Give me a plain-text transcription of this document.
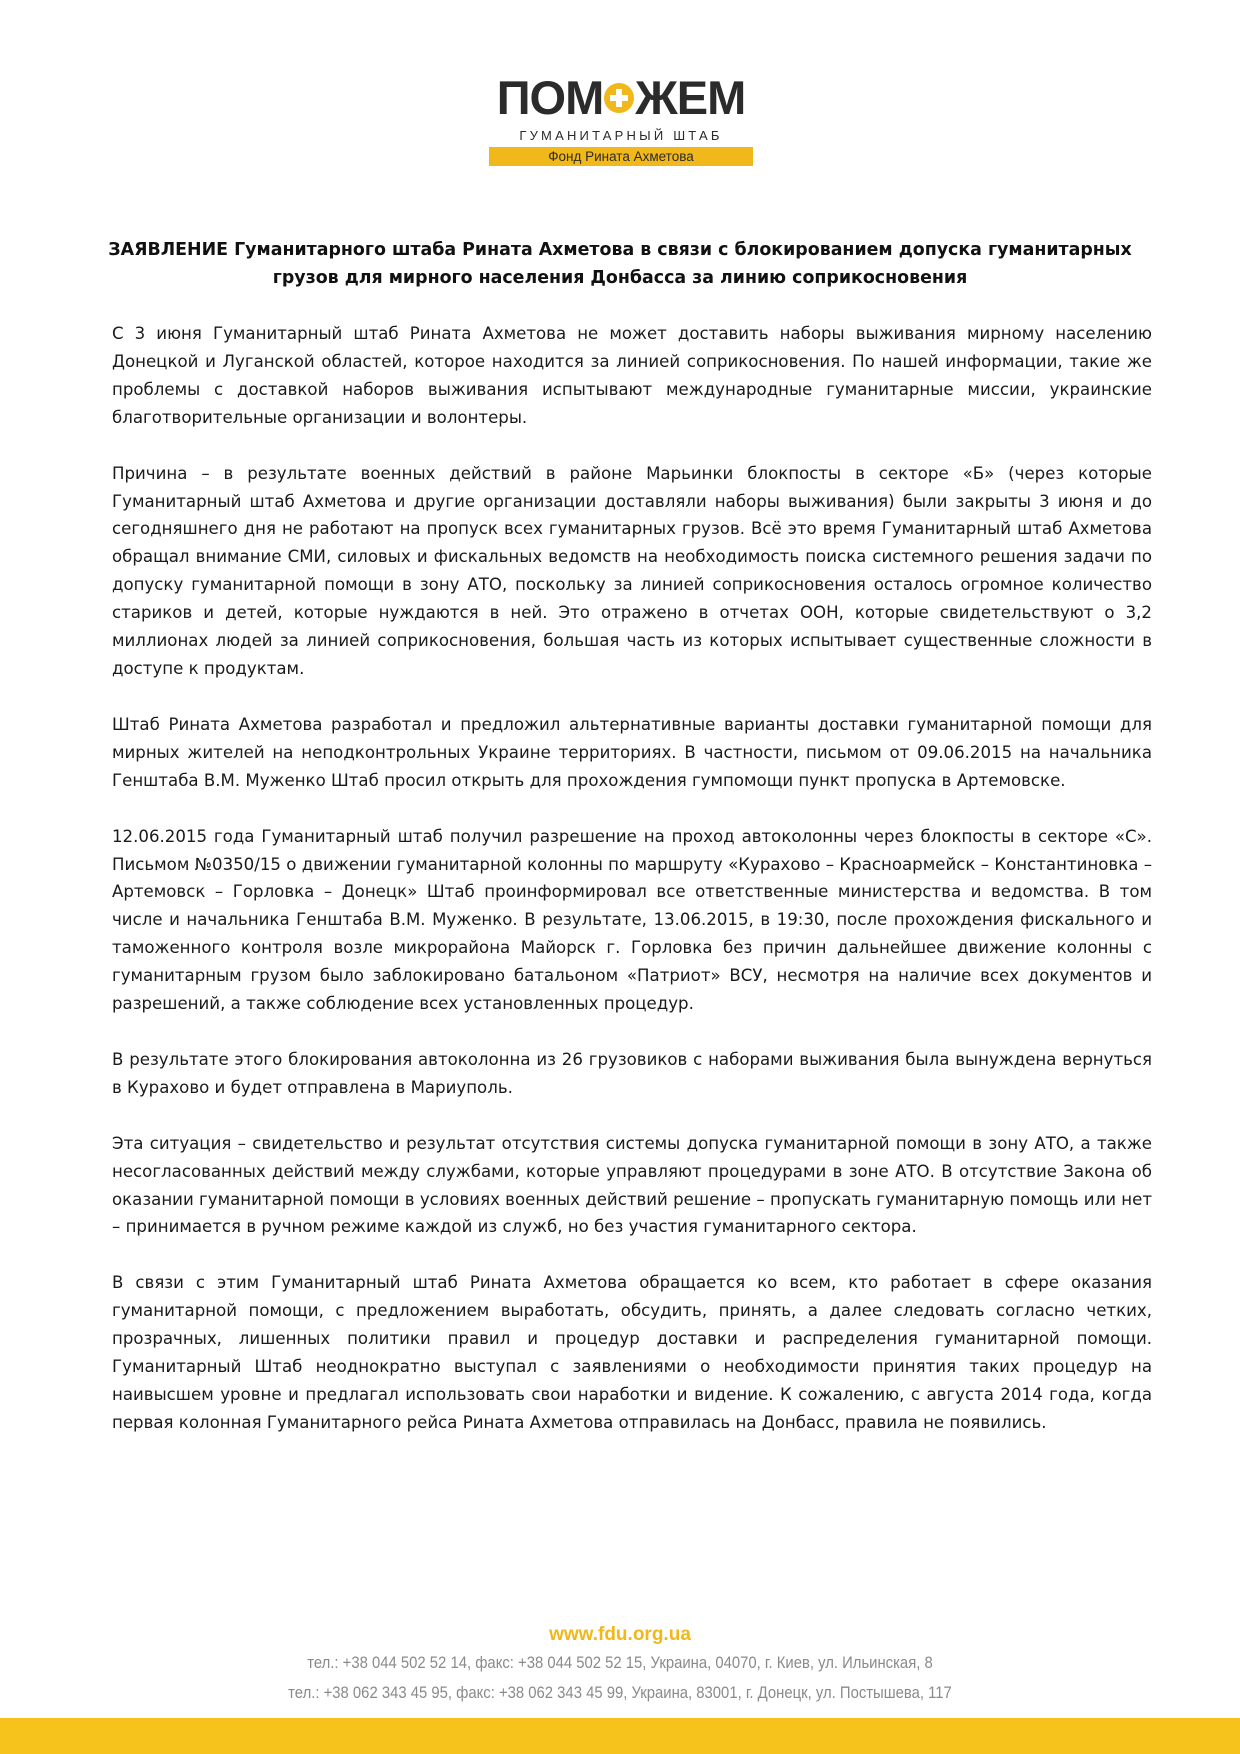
ПОМ ЖЕМ
ГУМАНИТАРНЫЙ ШТАБ
Фонд Рината Ахметова
ЗАЯВЛЕНИЕ Гуманитарного штаба Рината Ахметова в связи с блокированием допуска гуманитарных
грузов для мирного населения Донбасса за линию соприкосновения

С 3 июня Гуманитарный штаб Рината Ахметова не может доставить наборы выживания мирному населению Донецкой и Луганской областей, которое находится за линией соприкосновения. По нашей информации, такие же проблемы с доставкой наборов выживания испытывают международные гуманитарные миссии, украинские благотворительные организации и волонтеры.

Причина – в результате военных действий в районе Марьинки блокпосты в секторе «Б» (через которые Гуманитарный штаб Ахметова и другие организации доставляли наборы выживания) были закрыты 3 июня и до сегодняшнего дня не работают на пропуск всех гуманитарных грузов. Всё это время Гуманитарный штаб Ахметова обращал внимание СМИ, силовых и фискальных ведомств на необходимость поиска системного решения задачи по допуску гуманитарной помощи в зону АТО, поскольку за линией соприкосновения осталось огромное количество стариков и детей, которые нуждаются в ней. Это отражено в отчетах ООН, которые свидетельствуют о 3,2 миллионах людей за линией соприкосновения, большая часть из которых испытывает существенные сложности в доступе к продуктам.

Штаб Рината Ахметова разработал и предложил альтернативные варианты доставки гуманитарной помощи для мирных жителей на неподконтрольных Украине территориях. В частности, письмом от 09.06.2015 на начальника Генштаба В.М. Муженко Штаб просил открыть для прохождения гумпомощи пункт пропуска в Артемовске.

12.06.2015 года Гуманитарный штаб получил разрешение на проход автоколонны через блокпосты в секторе «С». Письмом №0350/15 о движении гуманитарной колонны по маршруту «Курахово – Красноармейск – Константиновка – Артемовск – Горловка – Донецк» Штаб проинформировал все ответственные министерства и ведомства. В том числе и начальника Генштаба В.М. Муженко. В результате, 13.06.2015, в 19:30, после прохождения фискального и таможенного контроля возле микрорайона Майорск г. Горловка без причин дальнейшее движение колонны с гуманитарным грузом было заблокировано батальоном «Патриот» ВСУ, несмотря на наличие всех документов и разрешений, а также соблюдение всех установленных процедур.

В результате этого блокирования автоколонна из 26 грузовиков с наборами выживания была вынуждена вернуться в Курахово и будет отправлена в Мариуполь.

Эта ситуация – свидетельство и результат отсутствия системы допуска гуманитарной помощи в зону АТО, а также несогласованных действий между службами, которые управляют процедурами в зоне АТО. В отсутствие Закона об оказании гуманитарной помощи в условиях военных действий решение – пропускать гуманитарную помощь или нет – принимается в ручном режиме каждой из служб, но без участия гуманитарного сектора.

В связи с этим Гуманитарный штаб Рината Ахметова обращается ко всем, кто работает в сфере оказания гуманитарной помощи, с предложением выработать, обсудить, принять, а далее следовать согласно четких, прозрачных, лишенных политики правил и процедур доставки и распределения гуманитарной помощи. Гуманитарный Штаб неоднократно выступал с заявлениями о необходимости принятия таких процедур на наивысшем уровне и предлагал использовать свои наработки и видение. К сожалению, с августа 2014 года, когда первая колонная Гуманитарного рейса Рината Ахметова отправилась на Донбасс, правила не появились.

www.fdu.org.ua
тел.: +38 044 502 52 14, факс: +38 044 502 52 15, Украина, 04070, г. Киев, ул. Ильинская, 8
тел.: +38 062 343 45 95, факс: +38 062 343 45 99, Украина, 83001, г. Донецк, ул. Постышева, 117
